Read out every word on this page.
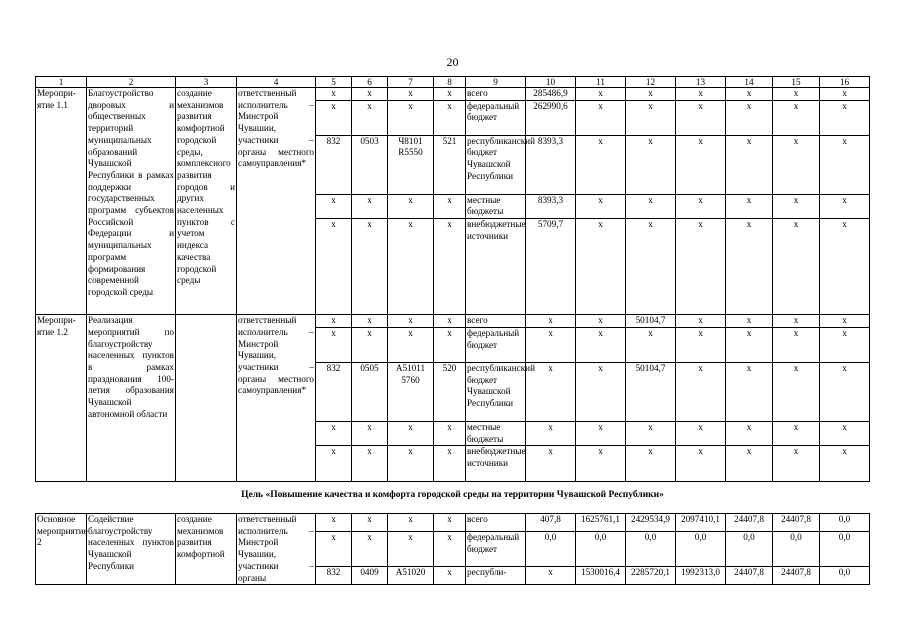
20
1	2	3	4	5	6	7	8	9	10	11	12	13	14	15	16
Меропри-
ятие 1.1	Благоустройство дворовых и общественных территорий муниципальных образований Чувашской Республики в рамках поддержки государственных программ субъектов Российской Федерации и муниципальных программ формирования современной городской среды	создание механизмов развития комфортной городской среды, комплексного развития городов и других населенных пунктов с учетом индекса качества городской среды	ответственный исполнитель – Минстрой Чувашии, участники – органы местного самоуправления*	x	x	x	x	всего	285486,9	x	x	x	x	x	x
				x	x	x	x	федеральный бюджет	262990,6	x	x	x	x	x	x
				832	0503	Ч8101 R5550	521	республиканский бюджет Чувашской Республики	8393,3	x	x	x	x	x	x
				x	x	x	x	местные бюджеты	8393,3	x	x	x	x	x	x
				x	x	x	x	внебюджетные источники	5709,7	x	x	x	x	x	x
Меропри-
ятие 1.2	Реализация мероприятий по благоустройству населенных пунктов в рамках празднования 100-летия образования Чувашской автономной области		ответственный исполнитель – Минстрой Чувашии, участники – органы местного самоуправления*	x	x	x	x	всего	x	x	50104,7	x	x	x	x
				x	x	x	x	федеральный бюджет	x	x	x	x	x	x	x
				832	0505	А51011 5760	520	республиканский бюджет Чувашской Республики	x	x	50104,7	x	x	x	x
				x	x	x	x	местные бюджеты	x	x	x	x	x	x	x
				x	x	x	x	внебюджетные источники	x	x	x	x	x	x	x
Цель «Повышение качества и комфорта городской среды на территории Чувашской Республики»
Основное мероприятие 2	Содействие благоустройству населенных пунктов Чувашской Республики	создание механизмов развития комфортной	ответственный исполнитель – Минстрой Чувашии, участники – органы	x	x	x	x	всего	407,8	1625761,1	2429534,9	2097410,1	24407,8	24407,8	0,0
				x	x	x	x	федеральный бюджет	0,0	0,0	0,0	0,0	0,0	0,0	0,0
				832	0409	А51020	x	республи-	x	1530016,4	2285720,1	1992313,0	24407,8	24407,8	0,0
